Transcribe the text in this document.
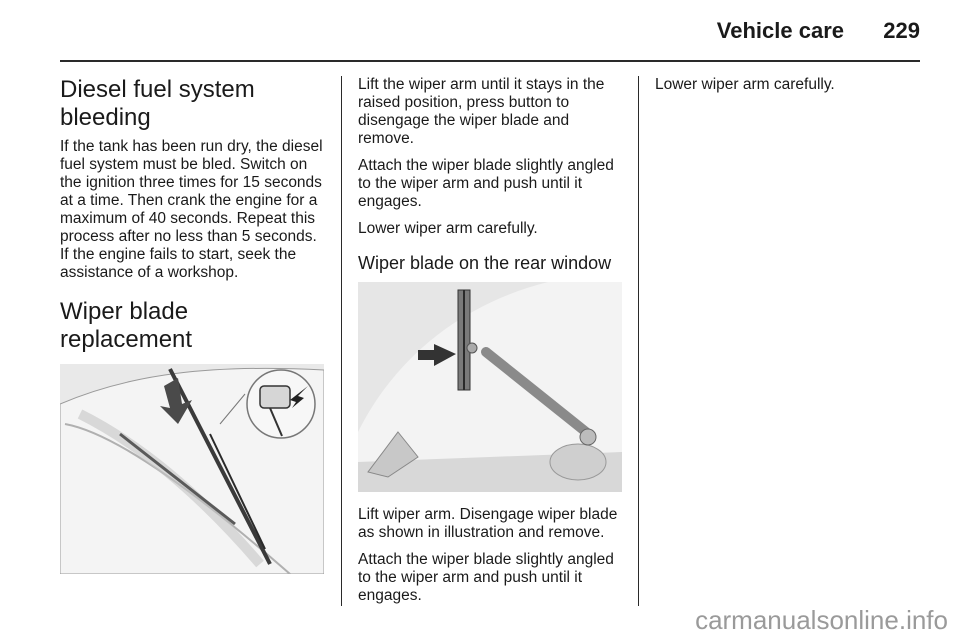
Vehicle care 229
Diesel fuel system bleeding

If the tank has been run dry, the diesel fuel system must be bled. Switch on the ignition three times for 15 seconds at a time. Then crank the engine for a maximum of 40 seconds. Repeat this process after no less than 5 seconds. If the engine fails to start, seek the assistance of a workshop.

Wiper blade replacement

Lift the wiper arm until it stays in the raised position, press button to disengage the wiper blade and remove.

Attach the wiper blade slightly angled to the wiper arm and push until it engages.

Lower wiper arm carefully.

Wiper blade on the rear window

Lift wiper arm. Disengage wiper blade as shown in illustration and remove.

Attach the wiper blade slightly angled to the wiper arm and push until it engages.

Lower wiper arm carefully.

carmanualsonline.info
